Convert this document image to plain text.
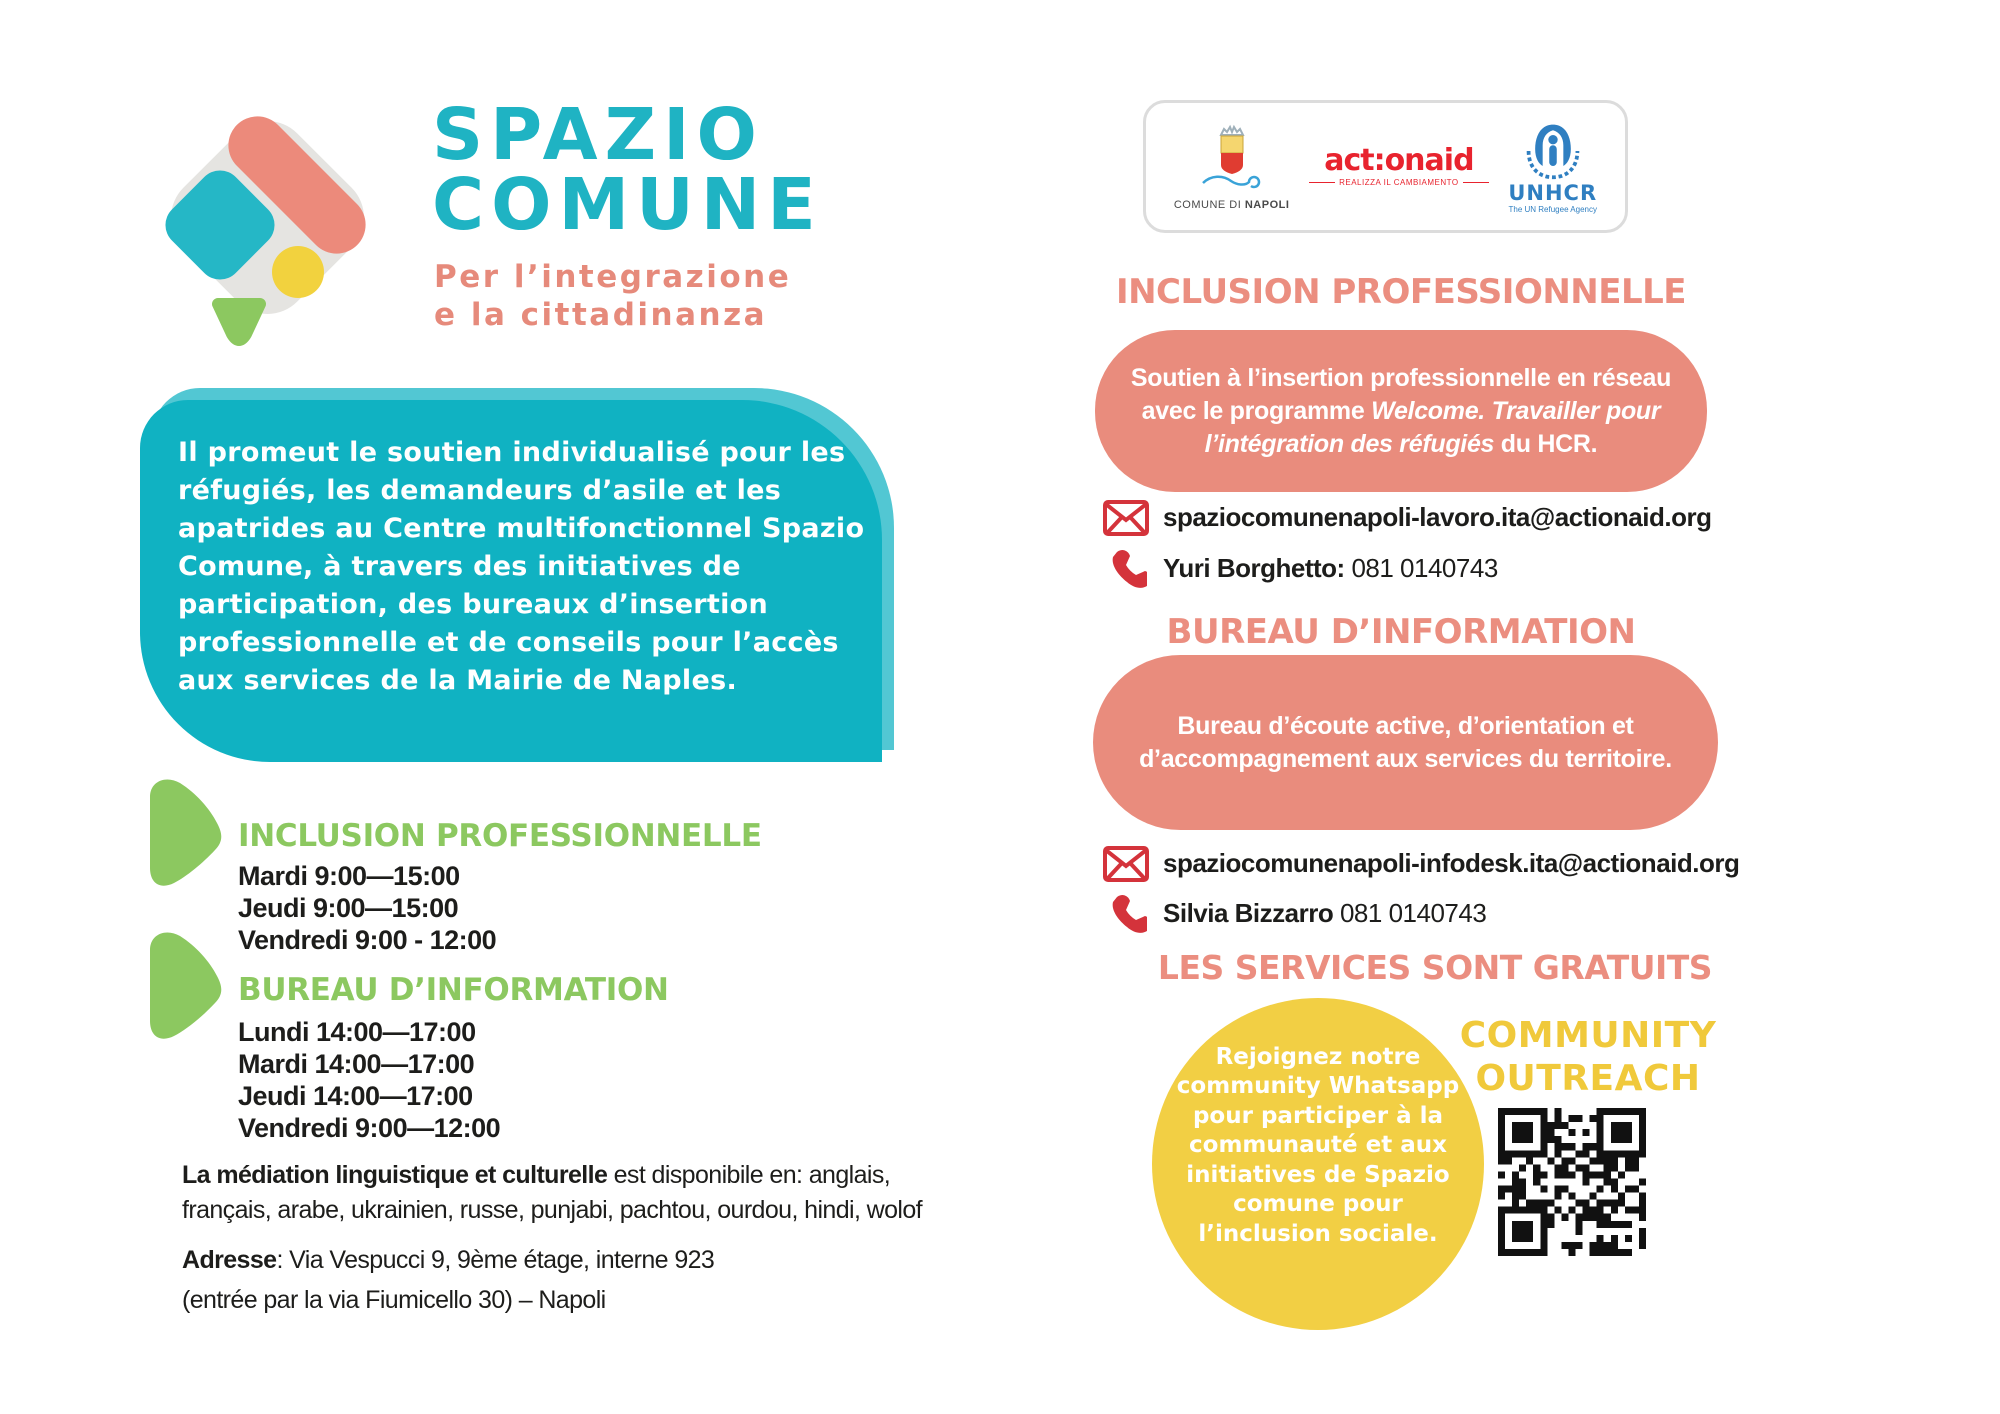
SPAZIO
COMUNE
Per l’integrazione
e la cittadinanza
Il promeut le soutien individualisé pour les
réfugiés, les demandeurs d’asile et les
apatrides au Centre multifonctionnel Spazio
Comune, à travers des initiatives de
participation, des bureaux d’insertion
professionnelle et de conseils pour l’accès
aux services de la Mairie de Naples.
INCLUSION PROFESSIONNELLE
Mardi 9:00—15:00
Jeudi 9:00—15:00
Vendredi 9:00 - 12:00
BUREAU D’INFORMATION
Lundi 14:00—17:00
Mardi 14:00—17:00
Jeudi 14:00—17:00
Vendredi 9:00—12:00
La médiation linguistique et culturelle est disponibile en: anglais,
français, arabe, ukrainien, russe, punjabi, pachtou, ourdou, hindi, wolof
Adresse: Via Vespucci 9, 9ème étage, interne 923
(entrée par la via Fiumicello 30) – Napoli
COMUNE DI NAPOLI
act:onaid
REALIZZA IL CAMBIAMENTO	UNHCR
The UN Refugee Agency
INCLUSION PROFESSIONNELLE
Soutien à l’insertion professionnelle en réseau
avec le programme Welcome. Travailler pour
l’intégration des réfugiés du HCR.
spaziocomunenapoli-lavoro.ita@actionaid.org
Yuri Borghetto: 081 0140743
BUREAU D’INFORMATION
Bureau d’écoute active, d’orientation et
d’accompagnement aux services du territoire.
spaziocomunenapoli-infodesk.ita@actionaid.org
Silvia Bizzarro 081 0140743
LES SERVICES SONT GRATUITS
Rejoignez notre
community Whatsapp
pour participer à la
communauté et aux
initiatives de Spazio
comune pour
l’inclusion sociale.
COMMUNITY
OUTREACH
